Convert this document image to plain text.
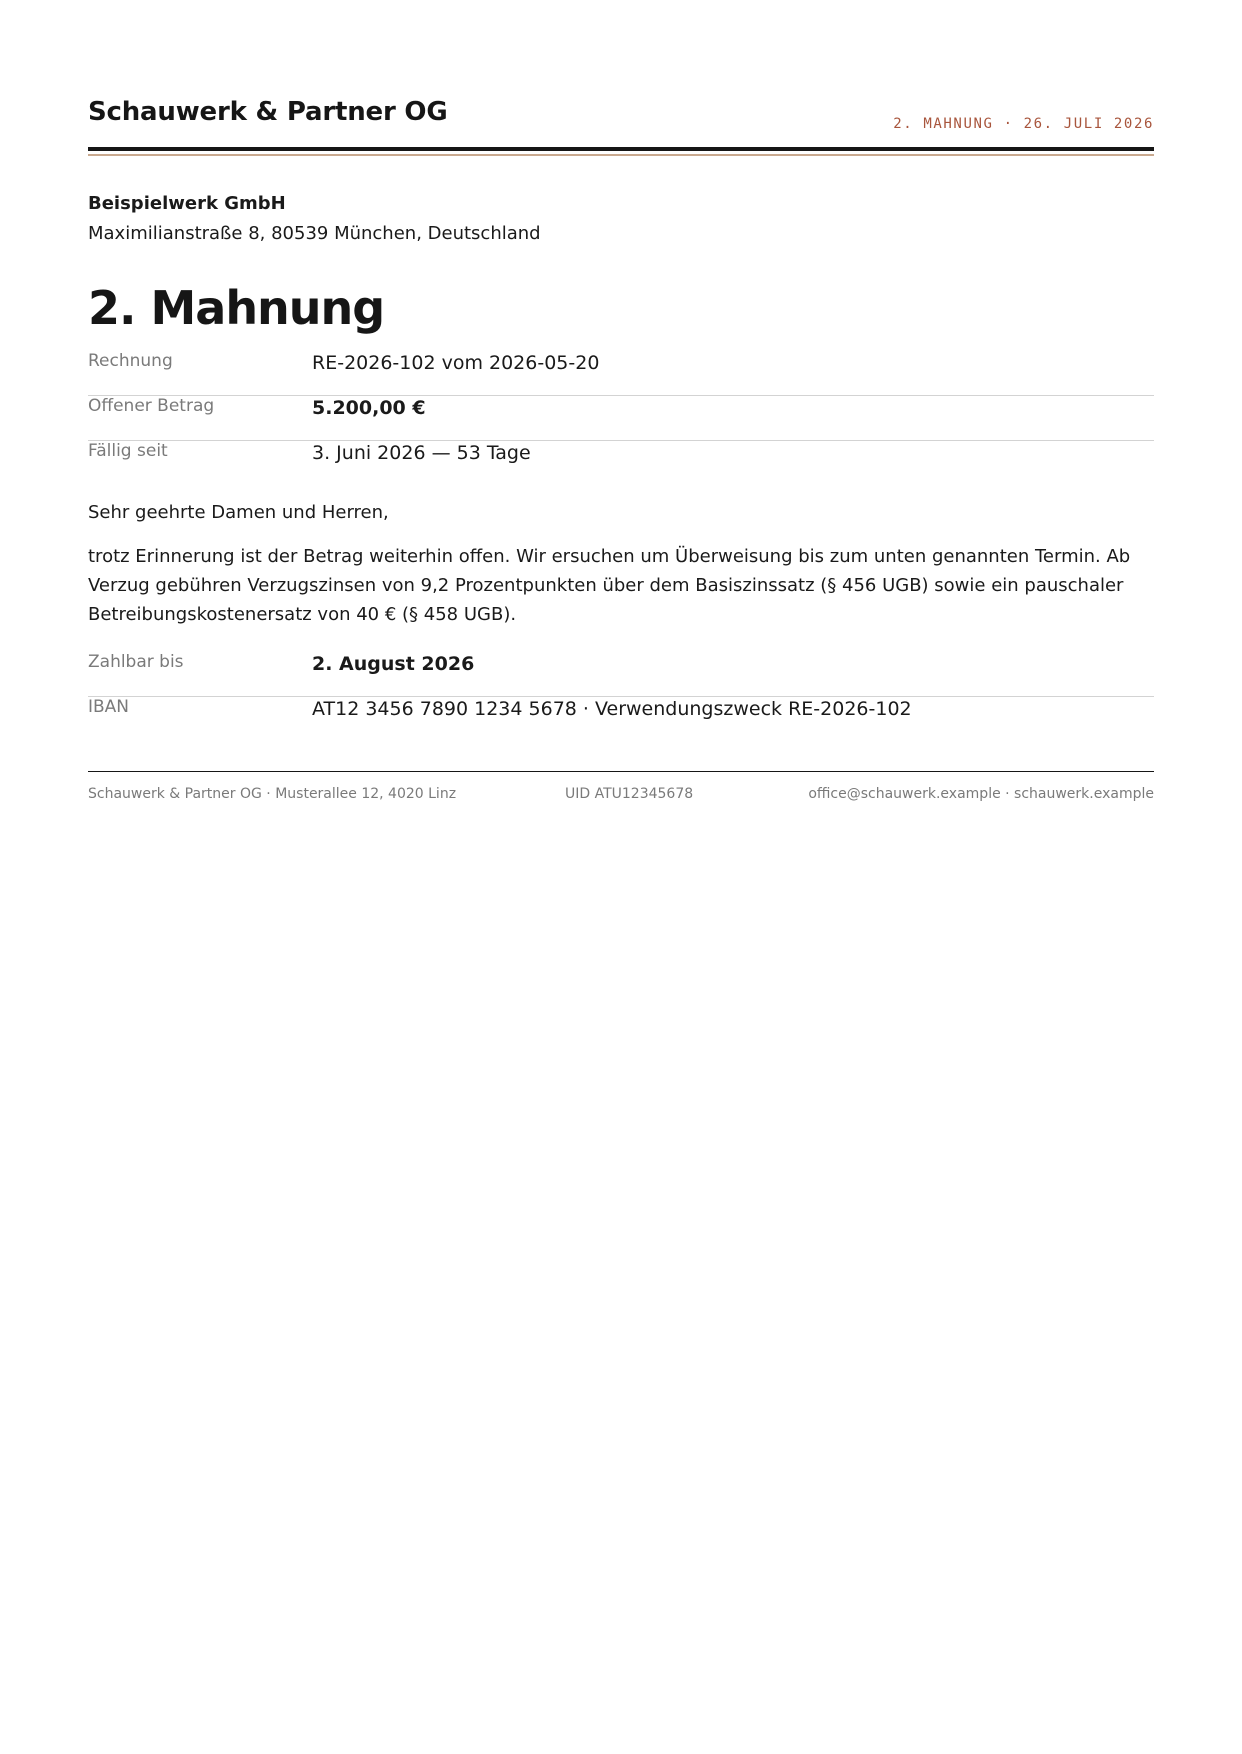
Schauwerk & Partner OG	2. MAHNUNG · 26. JULI 2026
Beispielwerk GmbH
Maximilianstraße 8, 80539 München, Deutschland
2. Mahnung
Rechnung	RE-2026-102 vom 2026-05-20
Offener Betrag	5.200,00 €
Fällig seit	3. Juni 2026 — 53 Tage
Sehr geehrte Damen und Herren,

trotz Erinnerung ist der Betrag weiterhin offen. Wir ersuchen um Überweisung bis zum unten genannten Termin. Ab Verzug gebühren Verzugszinsen von 9,2 Prozentpunkten über dem Basiszinssatz (§ 456 UGB) sowie ein pauschaler Betreibungskostenersatz von 40 € (§ 458 UGB).

Zahlbar bis	2. August 2026
IBAN	AT12 3456 7890 1234 5678 · Verwendungszweck RE-2026-102
Schauwerk & Partner OG · Musterallee 12, 4020 Linz	UID ATU12345678	office@schauwerk.example · schauwerk.example
